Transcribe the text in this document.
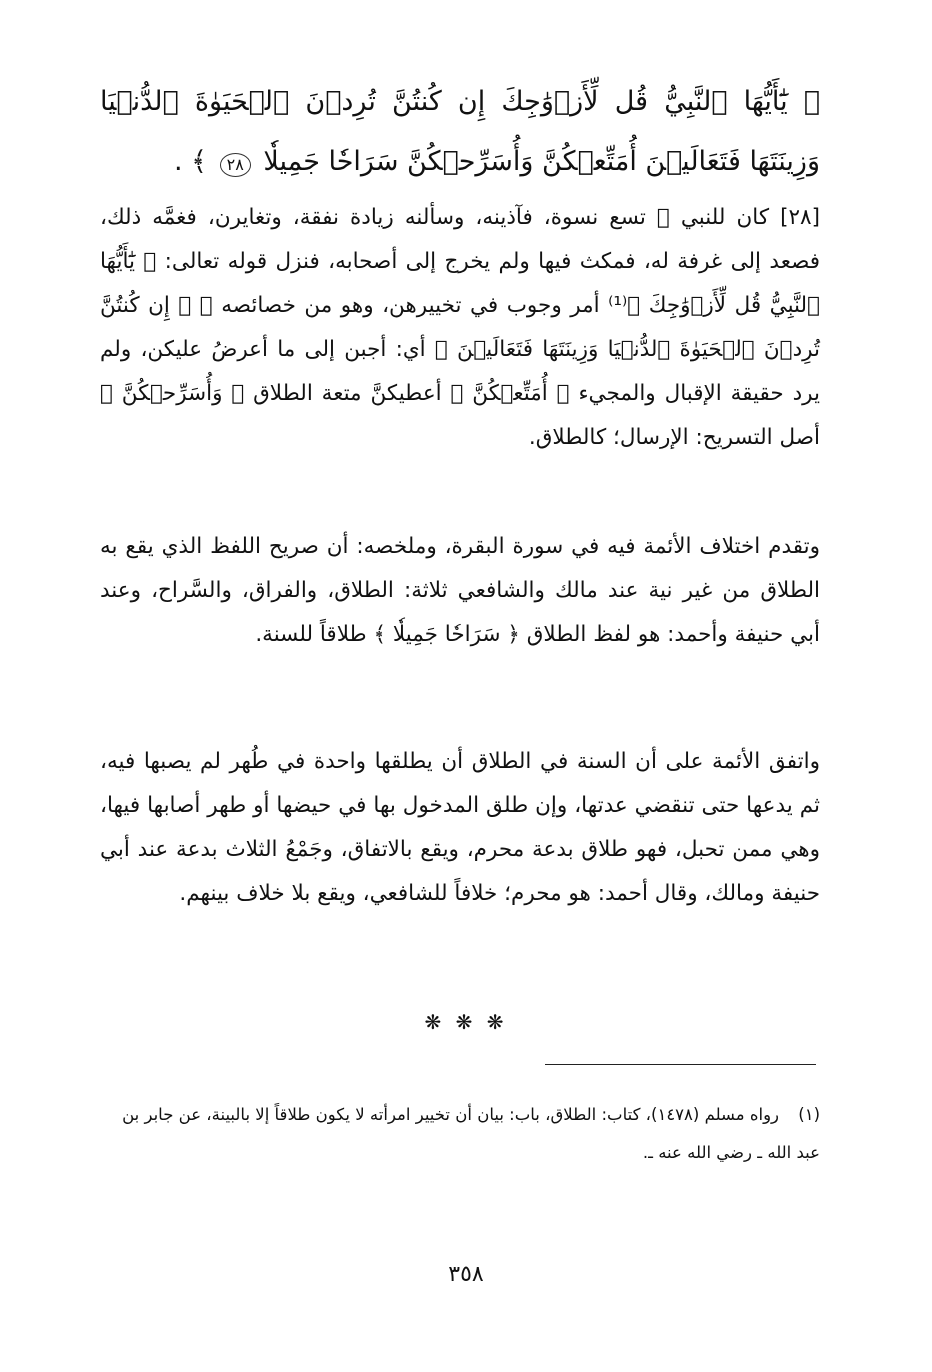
﴿ يَٰٓأَيُّهَا ٱلنَّبِيُّ قُل لِّأَزۡوَٰجِكَ إِن كُنتُنَّ تُرِدۡنَ ٱلۡحَيَوٰةَ ٱلدُّنۡيَا وَزِينَتَهَا فَتَعَالَيۡنَ أُمَتِّعۡكُنَّ وَأُسَرِّحۡكُنَّ سَرَاحٗا جَمِيلٗا ٢٨ ﴾ .
[٢٨] كان للنبي ﷺ تسع نسوة، فآذينه، وسألنه زيادة نفقة، وتغايرن، فغمَّه ذلك، فصعد إلى غرفة له، فمكث فيها ولم يخرج إلى أصحابه، فنزل قوله تعالى: ﴿ يَٰٓأَيُّهَا ٱلنَّبِيُّ قُل لِّأَزۡوَٰجِكَ ﴾⁽¹⁾ أمر وجوب في تخييرهن، وهو من خصائصه ﷺ ﴿ إِن كُنتُنَّ تُرِدۡنَ ٱلۡحَيَوٰةَ ٱلدُّنۡيَا وَزِينَتَهَا فَتَعَالَيۡنَ ﴾ أي: أجبن إلى ما أعرضُ عليكن، ولم يرد حقيقة الإقبال والمجيء ﴿ أُمَتِّعۡكُنَّ ﴾ أعطيكنَّ متعة الطلاق ﴿ وَأُسَرِّحۡكُنَّ ﴾ أصل التسريح: الإرسال؛ كالطلاق.
وتقدم اختلاف الأئمة فيه في سورة البقرة، وملخصه: أن صريح اللفظ الذي يقع به الطلاق من غير نية عند مالك والشافعي ثلاثة: الطلاق، والفراق، والسَّراح، وعند أبي حنيفة وأحمد: هو لفظ الطلاق ﴿ سَرَاحٗا جَمِيلٗا ﴾ طلاقاً للسنة.
واتفق الأئمة على أن السنة في الطلاق أن يطلقها واحدة في طُهر لم يصبها فيه، ثم يدعها حتى تنقضي عدتها، وإن طلق المدخول بها في حيضها أو طهر أصابها فيها، وهي ممن تحبل، فهو طلاق بدعة محرم، ويقع بالاتفاق، وجَمْعُ الثلاث بدعة عند أبي حنيفة ومالك، وقال أحمد: هو محرم؛ خلافاً للشافعي، ويقع بلا خلاف بينهم.
❋ ❋ ❋
(١) رواه مسلم (١٤٧٨)، كتاب: الطلاق، باب: بيان أن تخيير امرأته لا يكون طلاقاً إلا بالبينة، عن جابر بن عبد الله ـ رضي الله عنه ـ.
٣٥٨
